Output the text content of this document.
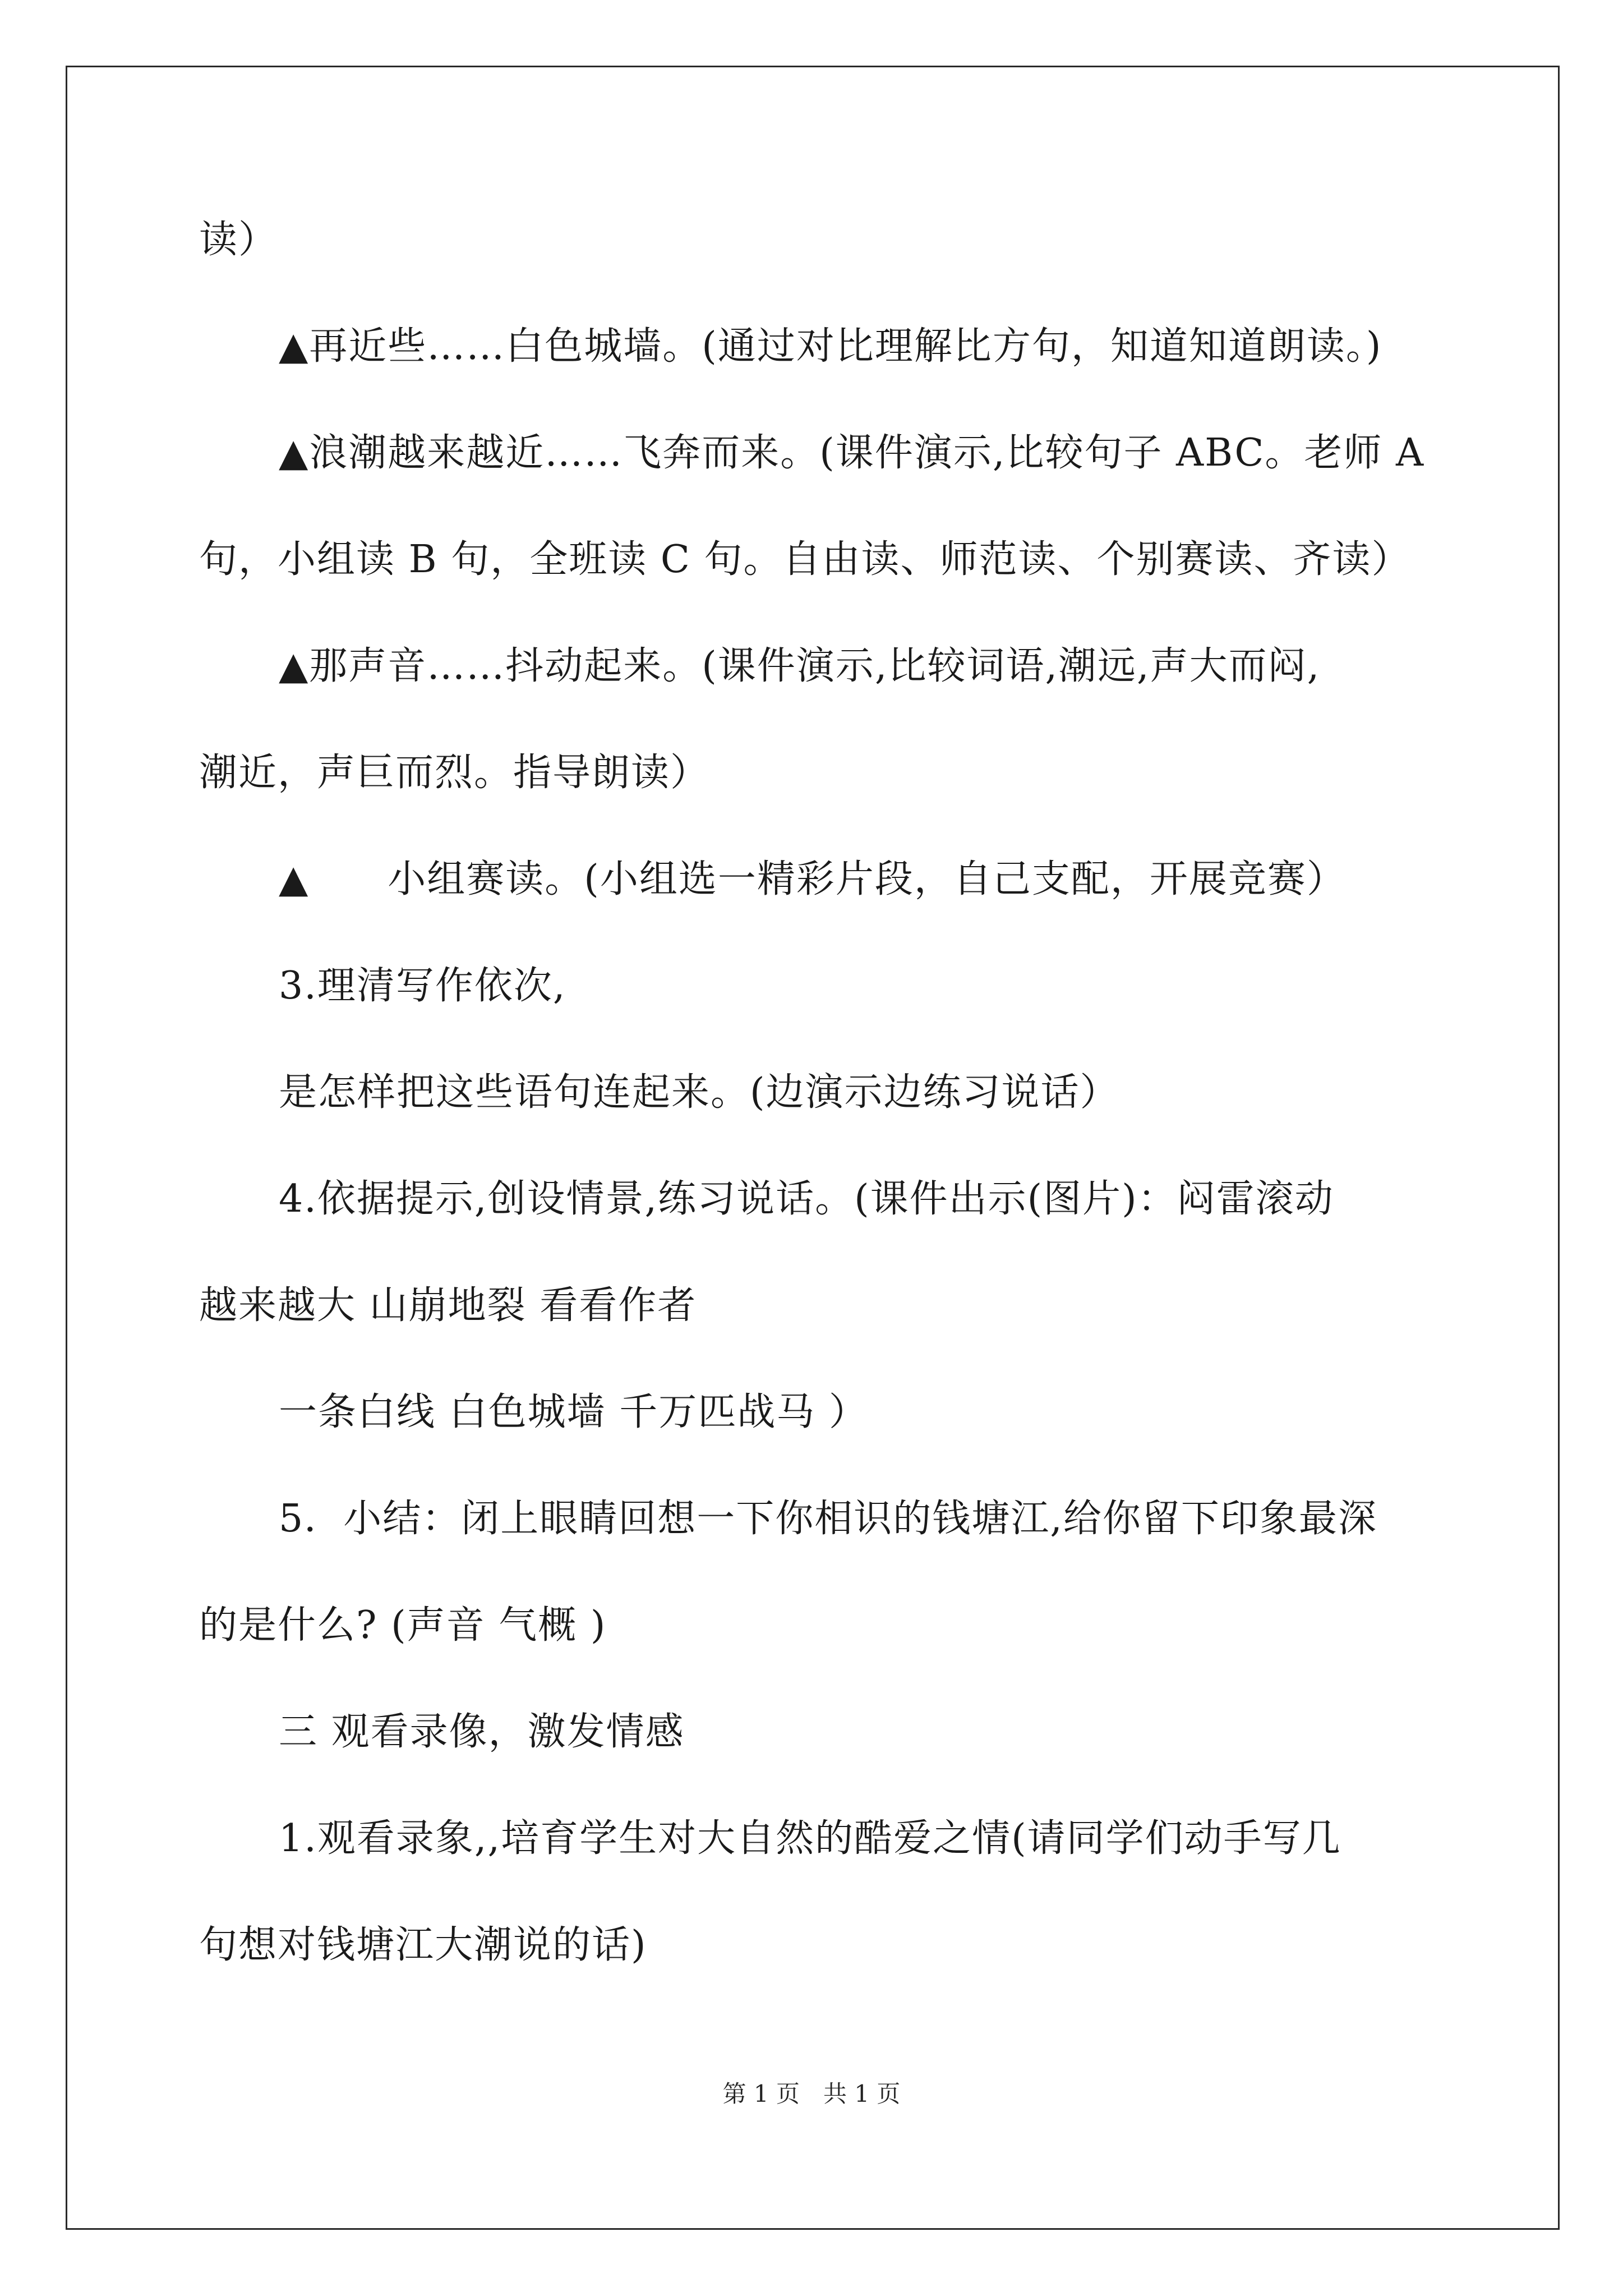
读）
▲再近些……白色城墙。(通过对比理解比方句，知道知道朗读。)
▲浪潮越来越近……飞奔而来。(课件演示,比较句子 ABC。老师 A
句，小组读 B 句，全班读 C 句。自由读、师范读、个别赛读、齐读）
▲那声音……抖动起来。(课件演示,比较词语,潮远,声大而闷,
潮近，声巨而烈。指导朗读）
▲ 小组赛读。(小组选一精彩片段，自己支配，开展竞赛）
3.理清写作依次,
是怎样把这些语句连起来。(边演示边练习说话）
4.依据提示,创设情景,练习说话。(课件出示(图片)：闷雷滚动
越来越大 山崩地裂 看看作者
一条白线 白色城墙 千万匹战马 ）
5．小结：闭上眼睛回想一下你相识的钱塘江,给你留下印象最深
的是什么? (声音 气概 )
三 观看录像，激发情感
1.观看录象,,培育学生对大自然的酷爱之情(请同学们动手写几
句想对钱塘江大潮说的话)
第 1 页　共 1 页
